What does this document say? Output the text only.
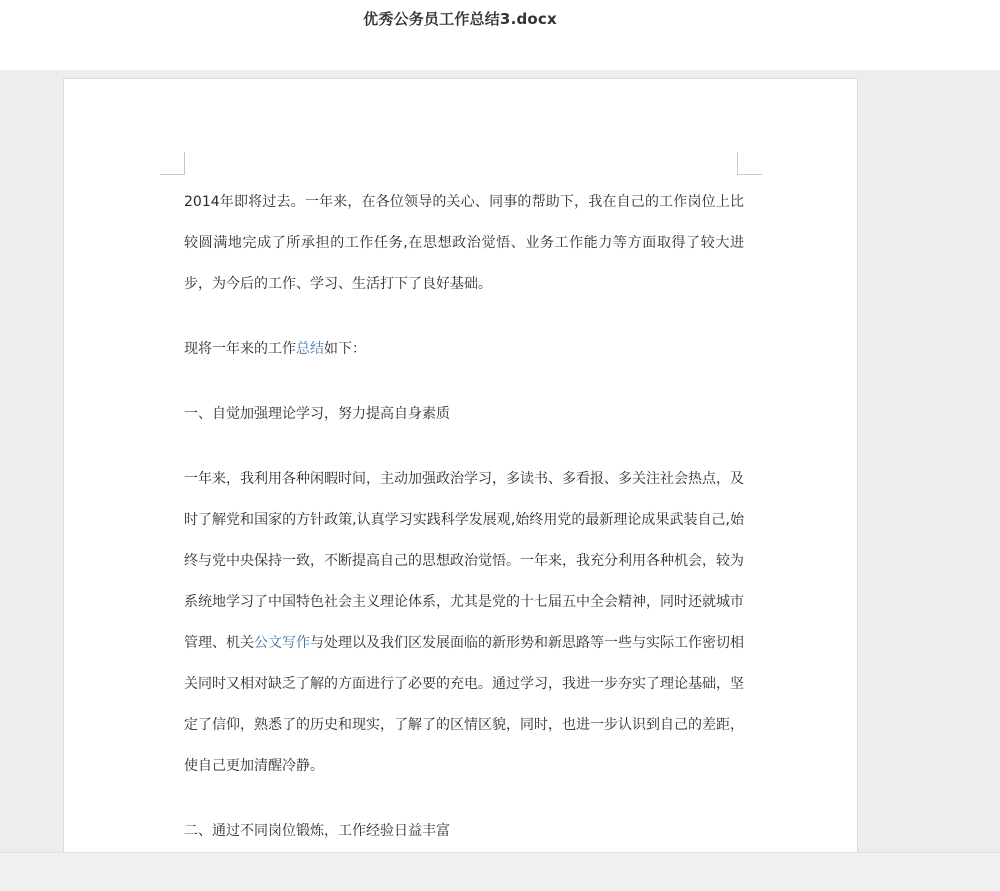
优秀公务员工作总结3.docx

2014年即将过去。一年来，在各位领导的关心、同事的帮助下，我在自己的工作岗位上比较圆满地完成了所承担的工作任务,在思想政治觉悟、业务工作能力等方面取得了较大进步，为今后的工作、学习、生活打下了良好基础。

现将一年来的工作总结如下：

一、自觉加强理论学习，努力提高自身素质

一年来，我利用各种闲暇时间，主动加强政治学习，多读书、多看报、多关注社会热点，及时了解党和国家的方针政策,认真学习实践科学发展观,始终用党的最新理论成果武装自己,始终与党中央保持一致，不断提高自己的思想政治觉悟。一年来，我充分利用各种机会，较为系统地学习了中国特色社会主义理论体系，尤其是党的十七届五中全会精神，同时还就城市管理、机关公文写作与处理以及我们区发展面临的新形势和新思路等一些与实际工作密切相关同时又相对缺乏了解的方面进行了必要的充电。通过学习，我进一步夯实了理论基础，坚定了信仰，熟悉了的历史和现实，了解了的区情区貌，同时，也进一步认识到自己的差距，使自己更加清醒冷静。

二、通过不同岗位锻炼，工作经验日益丰富
